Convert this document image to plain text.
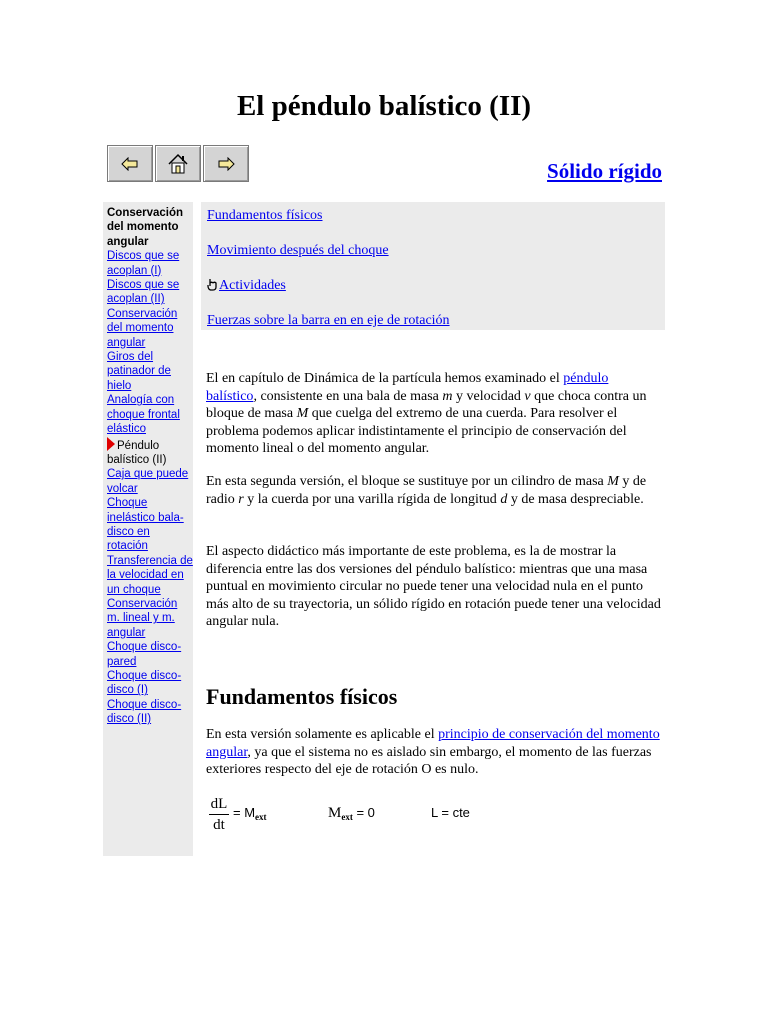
El péndulo balístico (II)
Sólido rígido
Conservación del momento angular
Discos que se acoplan (I)
Discos que se acoplan (II)
Conservación del momento angular
Giros del patinador de hielo
Analogía con choque frontal elástico
Péndulo balístico (II)
Caja que puede volcar
Choque inelástico bala-disco en rotación
Transferencia de la velocidad en un choque
Conservación m. lineal y m. angular
Choque disco-pared
Choque disco-disco (I)
Choque disco-disco (II)
Fundamentos físicos
Movimiento después del choque
Actividades
Fuerzas sobre la barra en en eje de rotación

El en capítulo de Dinámica de la partícula hemos examinado el péndulo balístico, consistente en una bala de masa m y velocidad v que choca contra un bloque de masa M que cuelga del extremo de una cuerda. Para resolver el problema podemos aplicar indistintamente el principio de conservación del momento lineal o del momento angular.

En esta segunda versión, el bloque se sustituye por un cilindro de masa M y de radio r y la cuerda por una varilla rígida de longitud d y de masa despreciable.

El aspecto didáctico más importante de este problema, es la de mostrar la diferencia entre las dos versiones del péndulo balístico: mientras que una masa puntual en movimiento circular no puede tener una velocidad nula en el punto más alto de su trayectoria, un sólido rígido en rotación puede tener una velocidad angular nula.

Fundamentos físicos

En esta versión solamente es aplicable el principio de conservación del momento angular, ya que el sistema no es aislado sin embargo, el momento de las fuerzas exteriores respecto del eje de rotación O es nulo.

dL
dt
= $M_{ext}$	$M_{ext} = 0$	L = cte
